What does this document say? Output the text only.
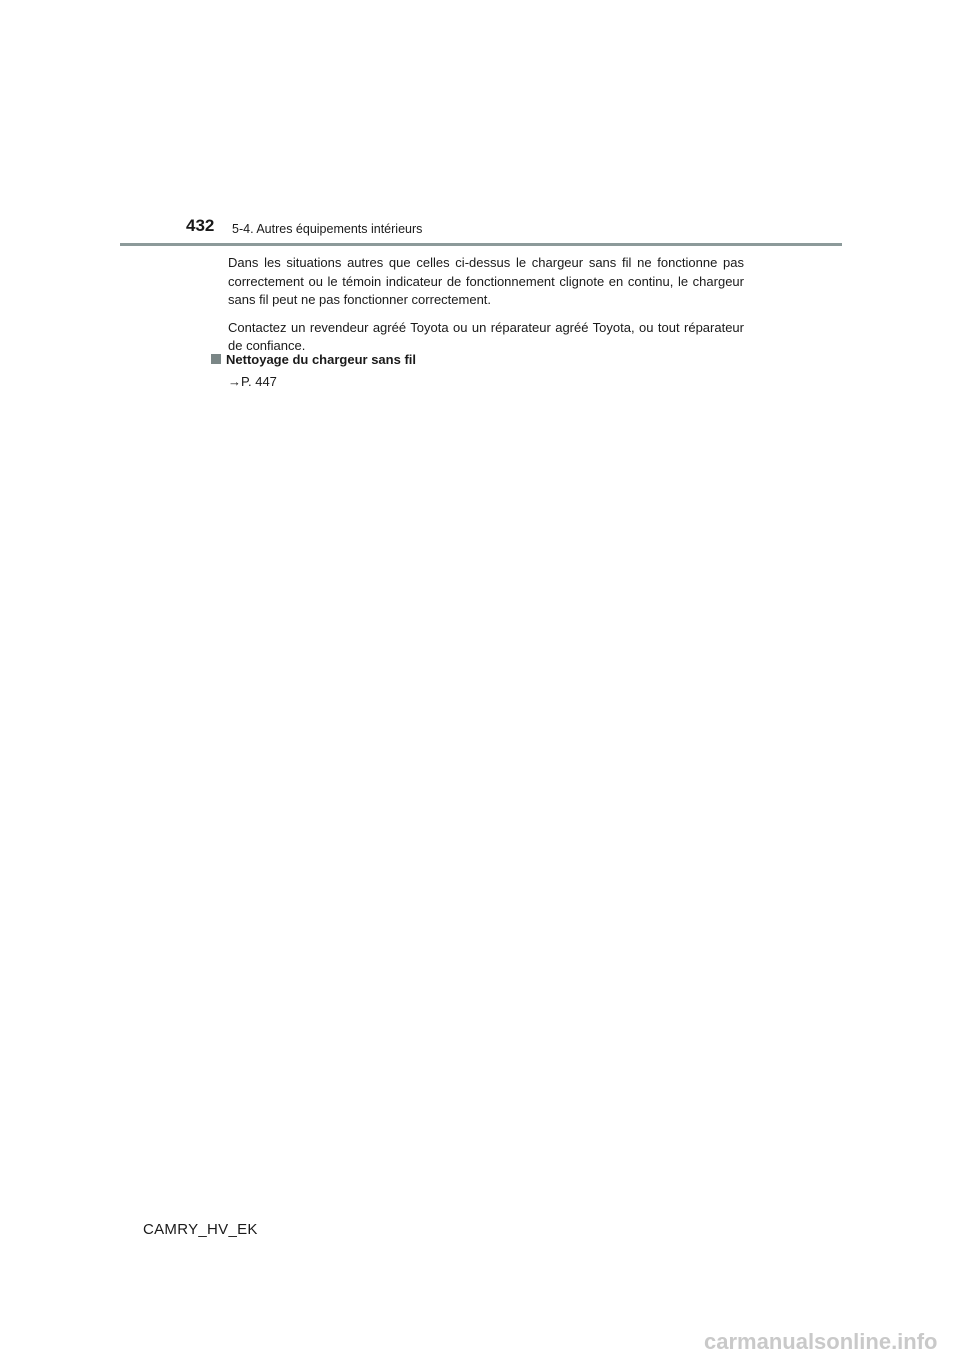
432 5-4. Autres équipements intérieurs

Dans les situations autres que celles ci-dessus le chargeur sans fil ne fonctionne pas correctement ou le témoin indicateur de fonctionnement clignote en continu, le chargeur sans fil peut ne pas fonctionner correctement.

Contactez un revendeur agréé Toyota ou un réparateur agréé Toyota, ou tout réparateur de confiance.

Nettoyage du chargeur sans fil
→P. 447
CAMRY_HV_EK
carmanualsonline.info
